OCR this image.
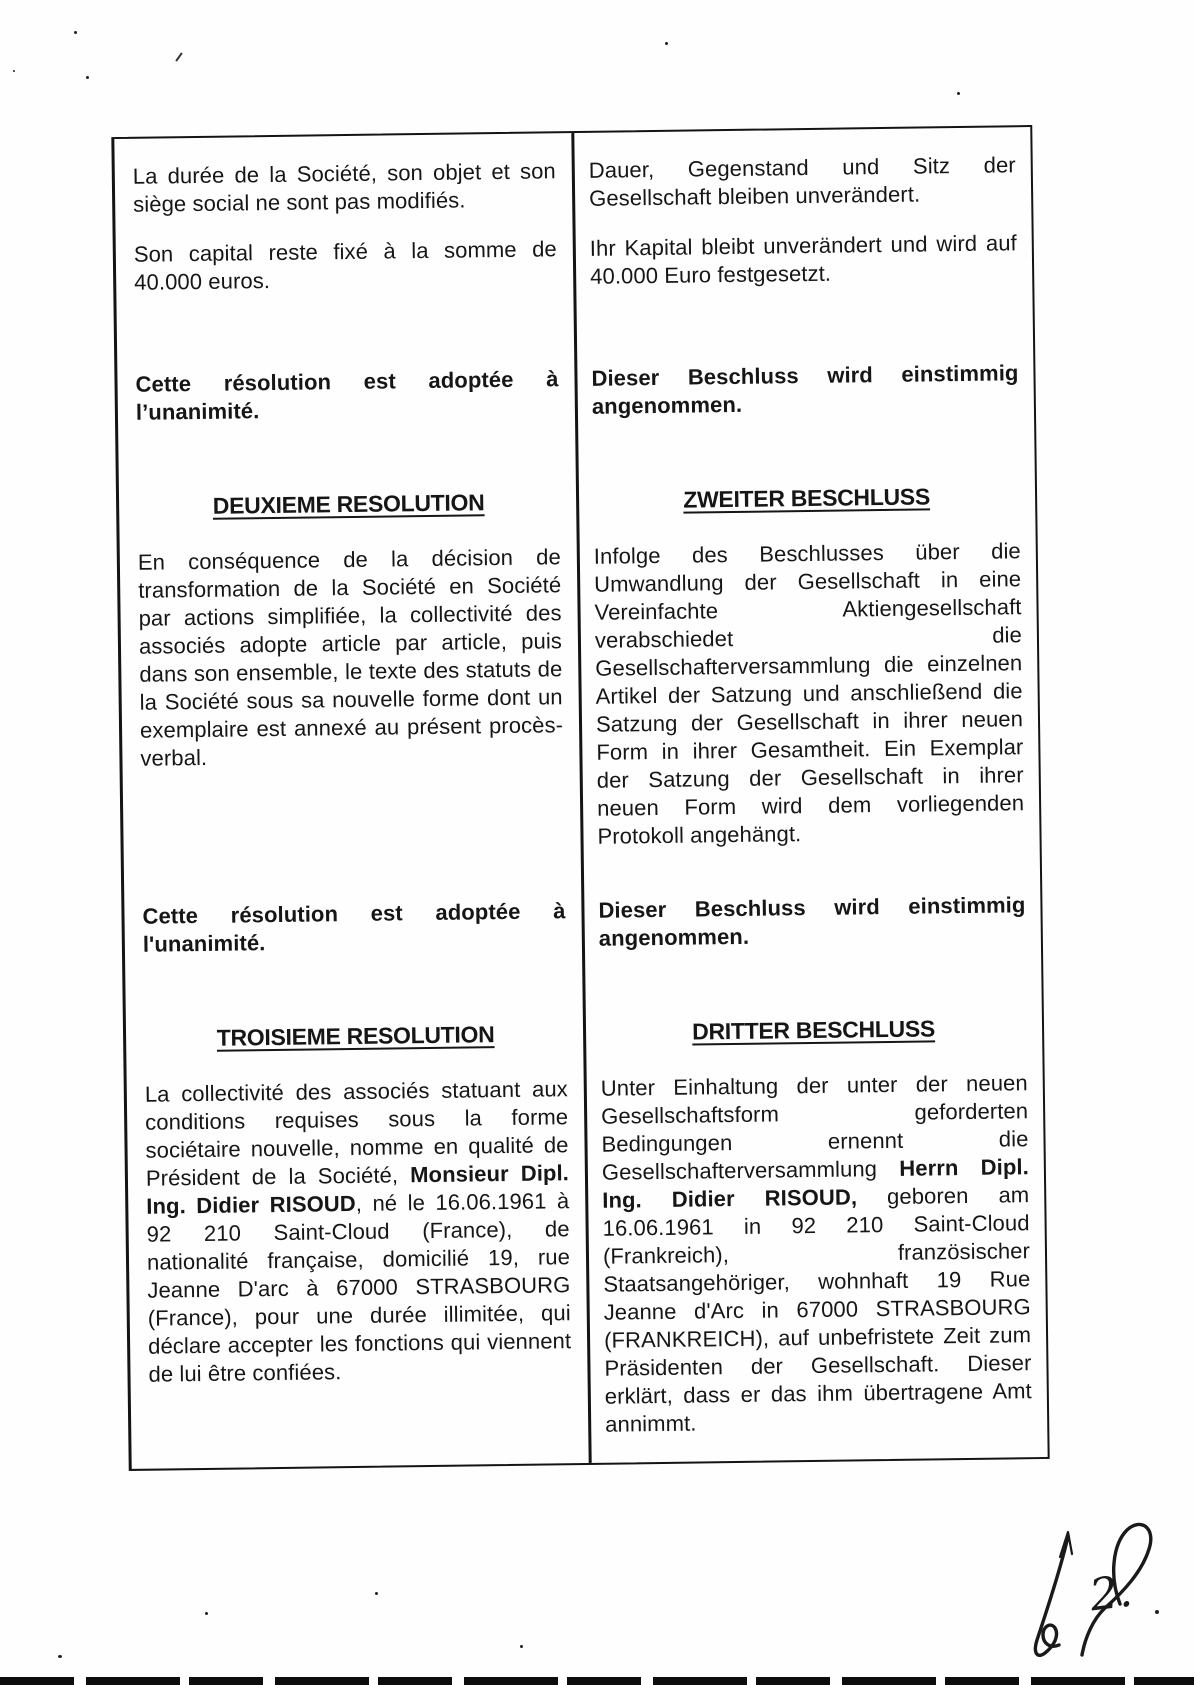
La durée de la Société, son objet et son siège social ne sont pas modifiés.

Dauer, Gegenstand und Sitz der Gesellschaft bleiben unverändert.

Son capital reste fixé à la somme de 40.000 euros.

Ihr Kapital bleibt unverändert und wird auf 40.000 Euro festgesetzt.

Cette résolution est adoptée à l’unanimité.

Dieser Beschluss wird einstimmig angenommen.

DEUXIEME RESOLUTION	ZWEITER BESCHLUSS

En conséquence de la décision de transformation de la Société en Société par actions simplifiée, la collectivité des associés adopte article par article, puis dans son ensemble, le texte des statuts de la Société sous sa nouvelle forme dont un exemplaire est annexé au présent procès-verbal.

Infolge des Beschlusses über die Umwandlung der Gesellschaft in eine Vereinfachte Aktiengesellschaft verabschiedet die Gesellschafterversammlung die einzelnen Artikel der Satzung und anschließend die Satzung der Gesellschaft in ihrer neuen Form in ihrer Gesamtheit. Ein Exemplar der Satzung der Gesellschaft in ihrer neuen Form wird dem vorliegenden Protokoll angehängt.

Cette résolution est adoptée à l'unanimité.

Dieser Beschluss wird einstimmig angenommen.

TROISIEME RESOLUTION	DRITTER BESCHLUSS

La collectivité des associés statuant aux conditions requises sous la forme sociétaire nouvelle, nomme en qualité de Président de la Société, Monsieur Dipl. Ing. Didier RISOUD, né le 16.06.1961 à 92 210 Saint-Cloud (France), de nationalité française, domicilié 19, rue Jeanne D'arc à 67000 STRASBOURG (France), pour une durée illimitée, qui déclare accepter les fonctions qui viennent de lui être confiées.

Unter Einhaltung der unter der neuen Gesellschaftsform geforderten Bedingungen ernennt die Gesellschafterversammlung Herrn Dipl. Ing. Didier RISOUD, geboren am 16.06.1961 in 92 210 Saint-Cloud (Frankreich), französischer Staatsangehöriger, wohnhaft 19 Rue Jeanne d'Arc in 67000 STRASBOURG (FRANKREICH), auf unbefristete Zeit zum Präsidenten der Gesellschaft. Dieser erklärt, dass er das ihm übertragene Amt annimmt.

2.
